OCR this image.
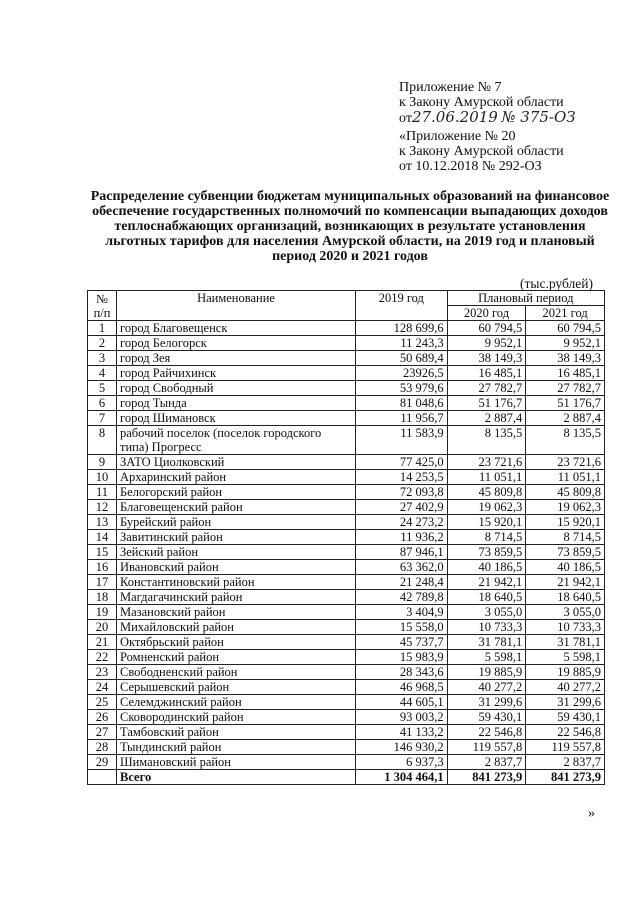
Приложение № 7
к Закону Амурской области
от27.06.2019 № 375-ОЗ
«Приложение № 20
к Закону Амурской области
от 10.12.2018 № 292-ОЗ
Распределение субвенции бюджетам муниципальных образований на финансовое обеспечение государственных полномочий по компенсации выпадающих доходов теплоснабжающих организаций, возникающих в результате установления льготных тарифов для населения Амурской области, на 2019 год и плановый период 2020 и 2021 годов
(тыс.рублей)
№
п/п	Наименование	2019 год	Плановый период	
			2020 год	2021 год
1	город Благовещенск	128 699,6	60 794,5	60 794,5
2	город Белогорск	11 243,3	9 952,1	9 952,1
3	город Зея	50 689,4	38 149,3	38 149,3
4	город Райчихинск	23926,5	16 485,1	16 485,1
5	город Свободный	53 979,6	27 782,7	27 782,7
6	город Тында	81 048,6	51 176,7	51 176,7
7	город Шимановск	11 956,7	2 887,4	2 887,4
8	рабочий поселок (поселок городского типа) Прогресс	11 583,9	8 135,5	8 135,5
9	ЗАТО Циолковский	77 425,0	23 721,6	23 721,6
10	Архаринский район	14 253,5	11 051,1	11 051,1
11	Белогорский район	72 093,8	45 809,8	45 809,8
12	Благовещенский район	27 402,9	19 062,3	19 062,3
13	Бурейский район	24 273,2	15 920,1	15 920,1
14	Завитинский район	11 936,2	8 714,5	8 714,5
15	Зейский район	87 946,1	73 859,5	73 859,5
16	Ивановский район	63 362,0	40 186,5	40 186,5
17	Константиновский район	21 248,4	21 942,1	21 942,1
18	Магдагачинский район	42 789,8	18 640,5	18 640,5
19	Мазановский район	3 404,9	3 055,0	3 055,0
20	Михайловский район	15 558,0	10 733,3	10 733,3
21	Октябрьский район	45 737,7	31 781,1	31 781,1
22	Ромненский район	15 983,9	5 598,1	5 598,1
23	Свободненский район	28 343,6	19 885,9	19 885,9
24	Серышевский район	46 968,5	40 277,2	40 277,2
25	Селемджинский район	44 605,1	31 299,6	31 299,6
26	Сковородинский район	93 003,2	59 430,1	59 430,1
27	Тамбовский район	41 133,2	22 546,8	22 546,8
28	Тындинский район	146 930,2	119 557,8	119 557,8
29	Шимановский район	6 937,3	2 837,7	2 837,7
	Всего	1 304 464,1	841 273,9	841 273,9
»
